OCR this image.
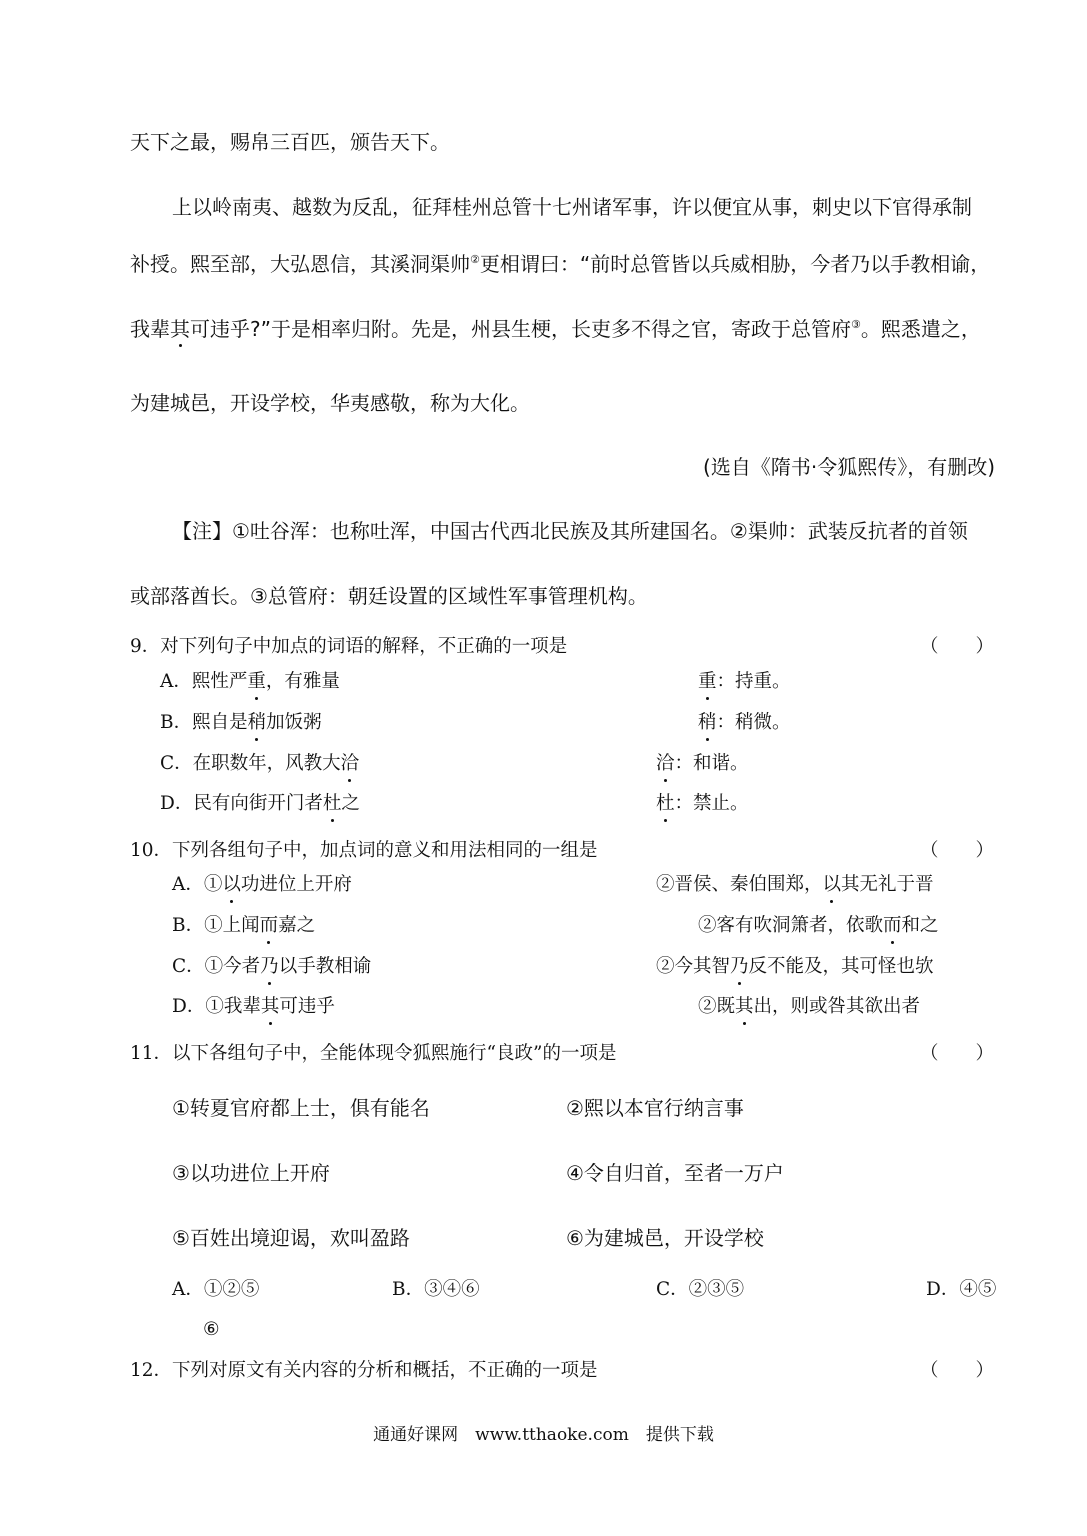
天下之最，赐帛三百匹，颁告天下。
上以岭南夷、越数为反乱，征拜桂州总管十七州诸军事，许以便宜从事，刺史以下官得承制
补授。熙至部，大弘恩信，其溪洞渠帅②更相谓曰：“前时总管皆以兵威相胁，今者乃以手教相谕，
我辈其可违乎?”于是相率归附。先是，州县生梗，长吏多不得之官，寄政于总管府③。熙悉遣之，
为建城邑，开设学校，华夷感敬，称为大化。
(选自《隋书·令狐熙传》，有删改)
【注】①吐谷浑：也称吐浑，中国古代西北民族及其所建国名。②渠帅：武装反抗者的首领
或部落酋长。③总管府：朝廷设置的区域性军事管理机构。
9．对下列句子中加点的词语的解释，不正确的一项是	（　　）
A．熙性严重，有雅量	重：持重。
B．熙自是稍加饭粥	稍：稍微。
C．在职数年，风教大洽	洽：和谐。
D．民有向街开门者杜之	杜：禁止。
10．下列各组句子中，加点词的意义和用法相同的一组是	（　　）
A．①以功进位上开府	②晋侯、秦伯围郑，以其无礼于晋
B．①上闻而嘉之	②客有吹洞箫者，依歌而和之
C．①今者乃以手教相谕	②今其智乃反不能及，其可怪也欤
D．①我辈其可违乎	②既其出，则或咎其欲出者
11．以下各组句子中，全能体现令狐熙施行“良政”的一项是	（　　）
①转夏官府都上士，俱有能名	②熙以本官行纳言事
③以功进位上开府	④令自归首，至者一万户
⑤百姓出境迎谒，欢叫盈路	⑥为建城邑，开设学校
A．①②⑤	B．③④⑥	C．②③⑤	D．④⑤
⑥
12．下列对原文有关内容的分析和概括，不正确的一项是	（　　）
通通好课网　www.tthaoke.com　提供下载
